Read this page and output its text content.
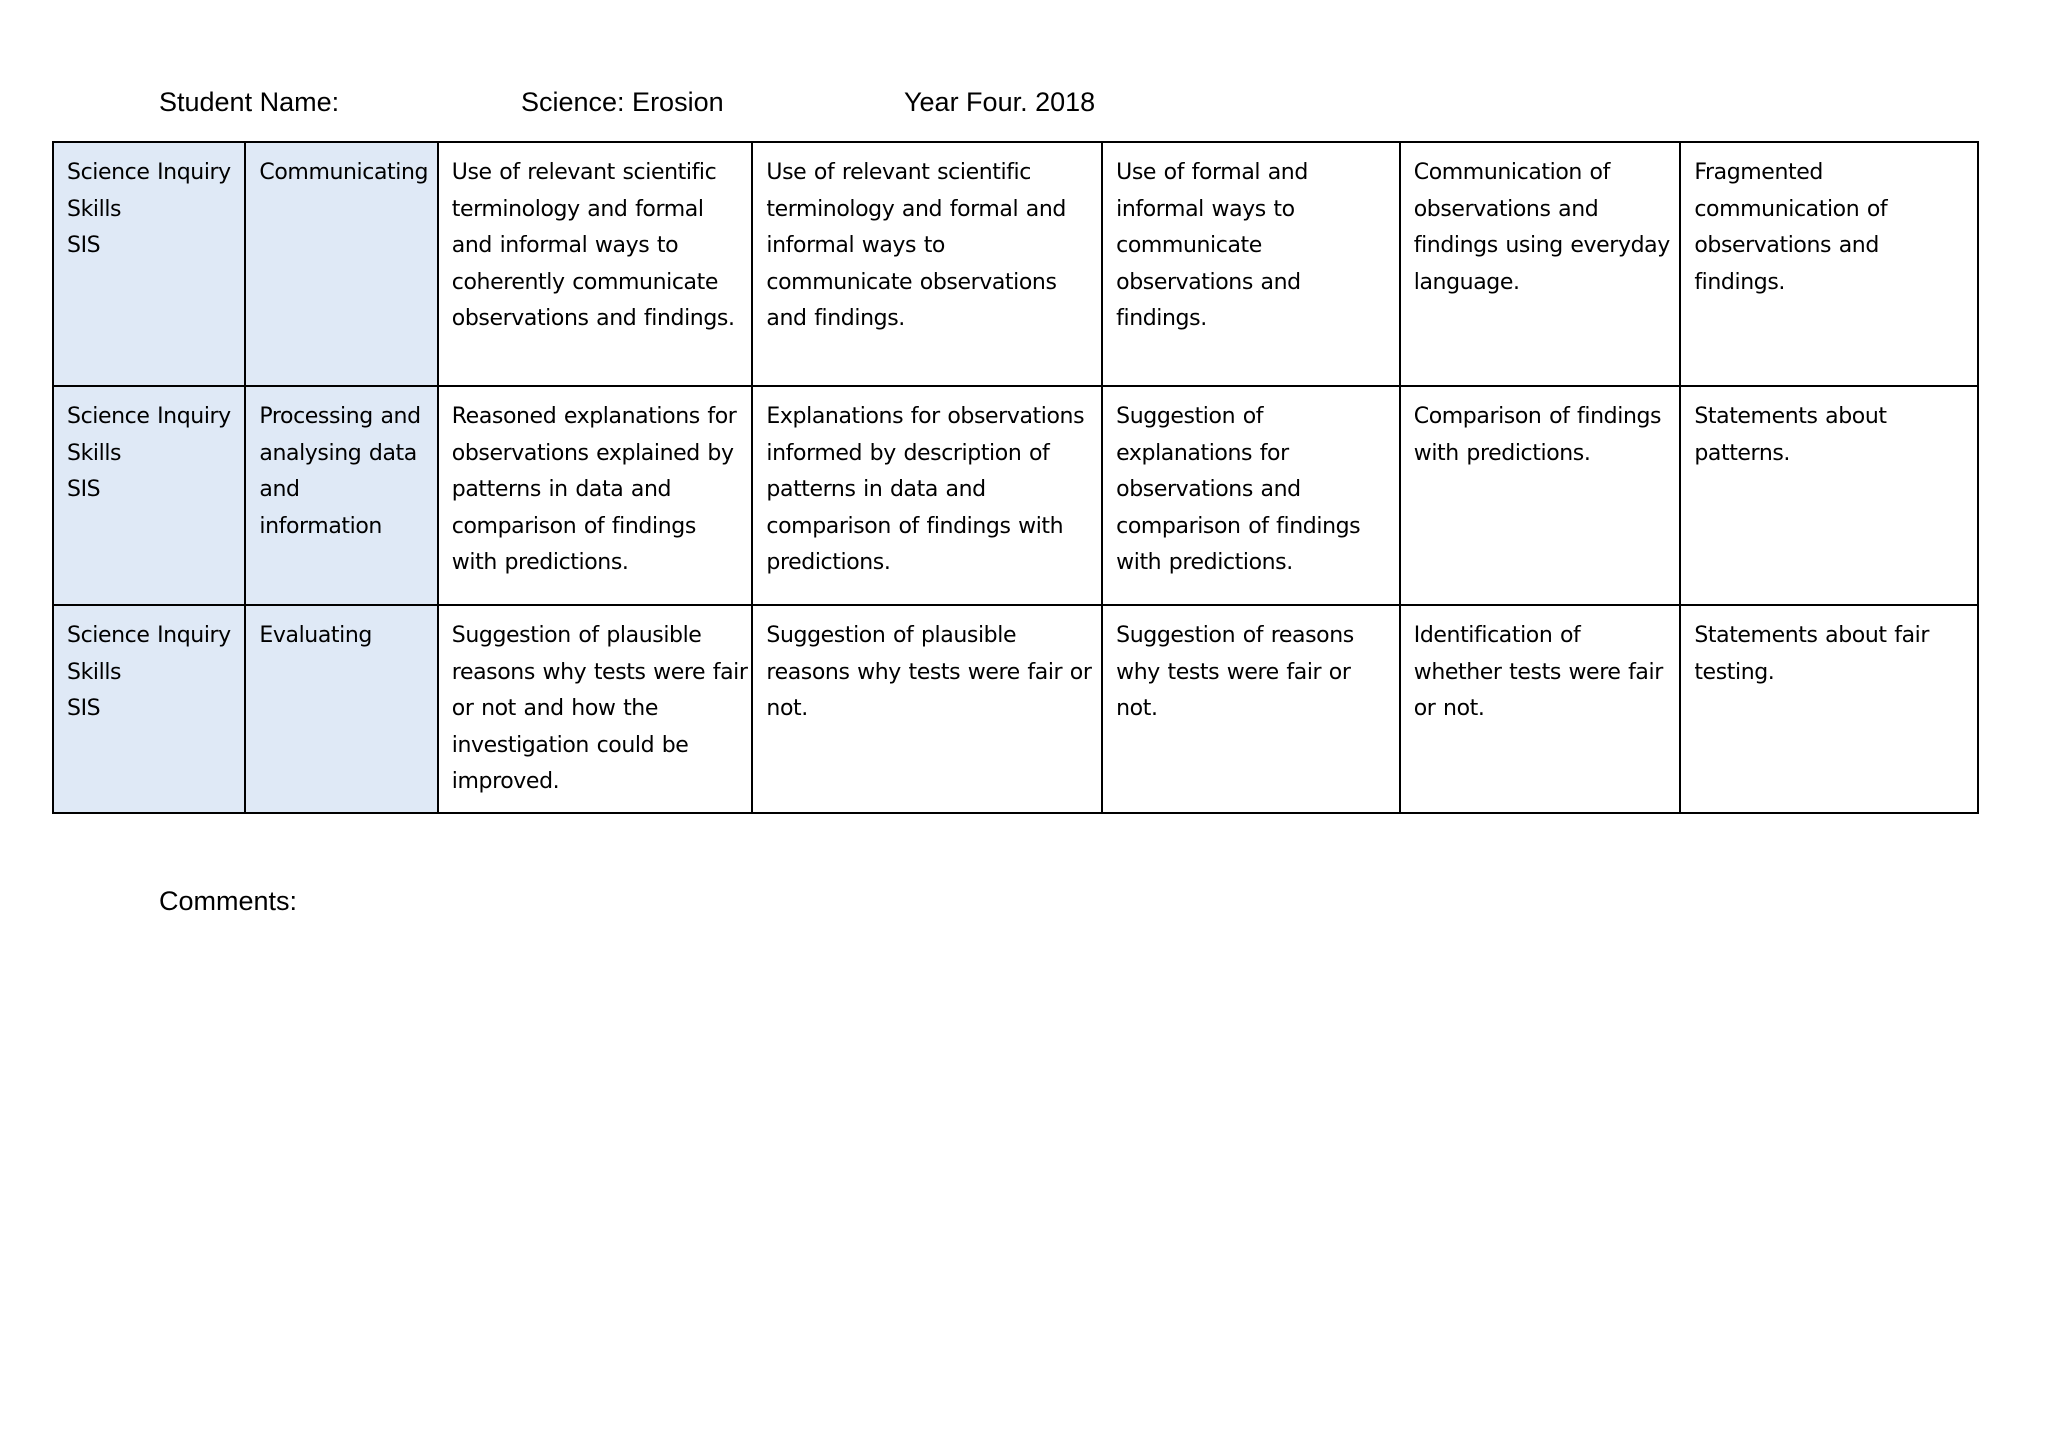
Student Name:	Science: Erosion	Year Four. 2018
Science Inquiry
Skills
SIS	Communicating	Use of relevant scientific
terminology and formal
and informal ways to
coherently communicate
observations and findings.	Use of relevant scientific
terminology and formal and
informal ways to
communicate observations
and findings.	Use of formal and
informal ways to
communicate
observations and
findings.	Communication of
observations and
findings using everyday
language.	Fragmented
communication of
observations and
findings.

Science Inquiry
Skills
SIS	Processing and
analysing data
and
information	Reasoned explanations for
observations explained by
patterns in data and
comparison of findings
with predictions.	Explanations for observations
informed by description of
patterns in data and
comparison of findings with
predictions.	Suggestion of
explanations for
observations and
comparison of findings
with predictions.	Comparison of findings
with predictions.	Statements about
patterns.

Science Inquiry
Skills
SIS	Evaluating	Suggestion of plausible
reasons why tests were fair
or not and how the
investigation could be
improved.	Suggestion of plausible
reasons why tests were fair or
not.	Suggestion of reasons
why tests were fair or
not.	Identification of
whether tests were fair
or not.	Statements about fair
testing.
Comments:
